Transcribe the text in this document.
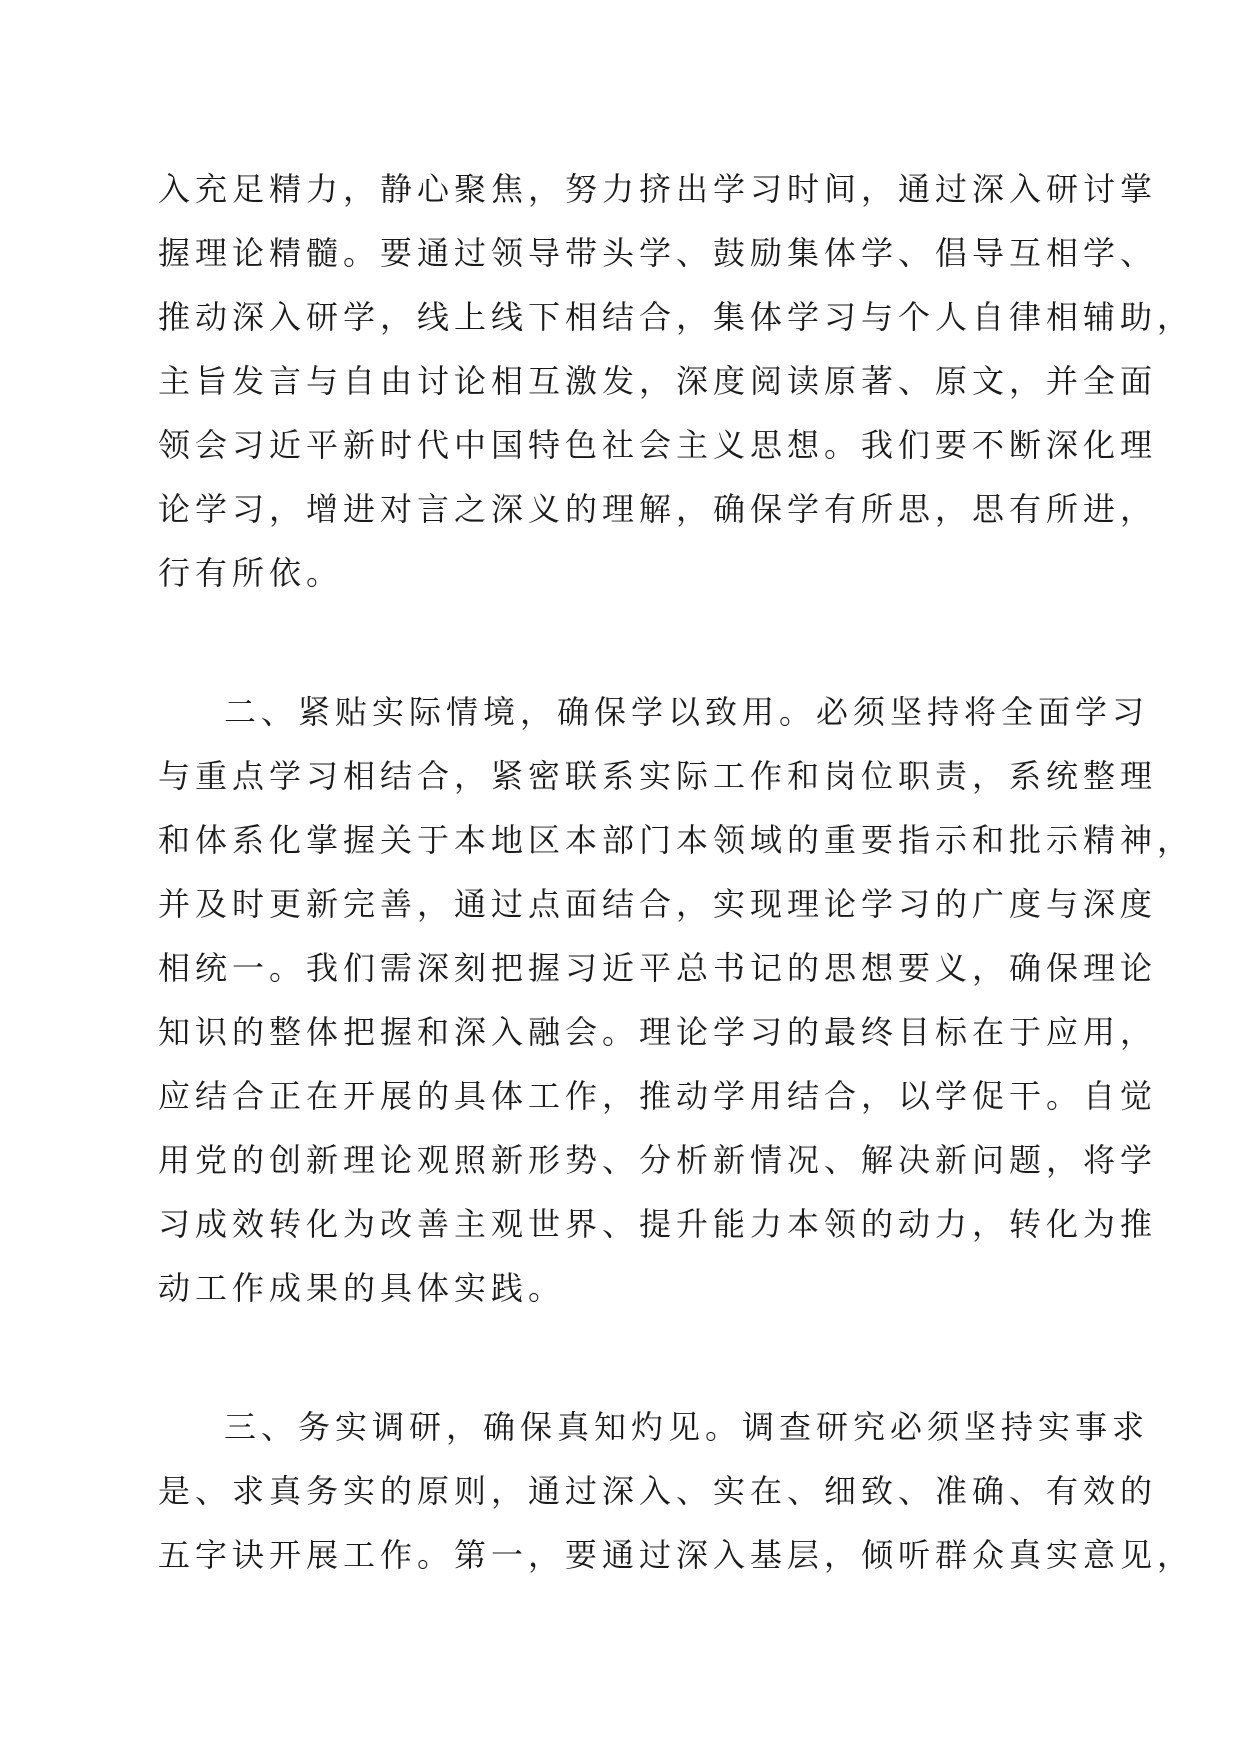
入充足精力，静心聚焦，努力挤出学习时间，通过深入研讨掌

握理论精髓。要通过领导带头学、鼓励集体学、倡导互相学、

推动深入研学，线上线下相结合，集体学习与个人自律相辅助，

主旨发言与自由讨论相互激发，深度阅读原著、原文，并全面

领会习近平新时代中国特色社会主义思想。我们要不断深化理

论学习，增进对言之深义的理解，确保学有所思，思有所进，

行有所依。

二、紧贴实际情境，确保学以致用。必须坚持将全面学习

与重点学习相结合，紧密联系实际工作和岗位职责，系统整理

和体系化掌握关于本地区本部门本领域的重要指示和批示精神，

并及时更新完善，通过点面结合，实现理论学习的广度与深度

相统一。我们需深刻把握习近平总书记的思想要义，确保理论

知识的整体把握和深入融会。理论学习的最终目标在于应用，

应结合正在开展的具体工作，推动学用结合，以学促干。自觉

用党的创新理论观照新形势、分析新情况、解决新问题，将学

习成效转化为改善主观世界、提升能力本领的动力，转化为推

动工作成果的具体实践。

三、务实调研，确保真知灼见。调查研究必须坚持实事求

是、求真务实的原则，通过深入、实在、细致、准确、有效的

五字诀开展工作。第一，要通过深入基层，倾听群众真实意见，
